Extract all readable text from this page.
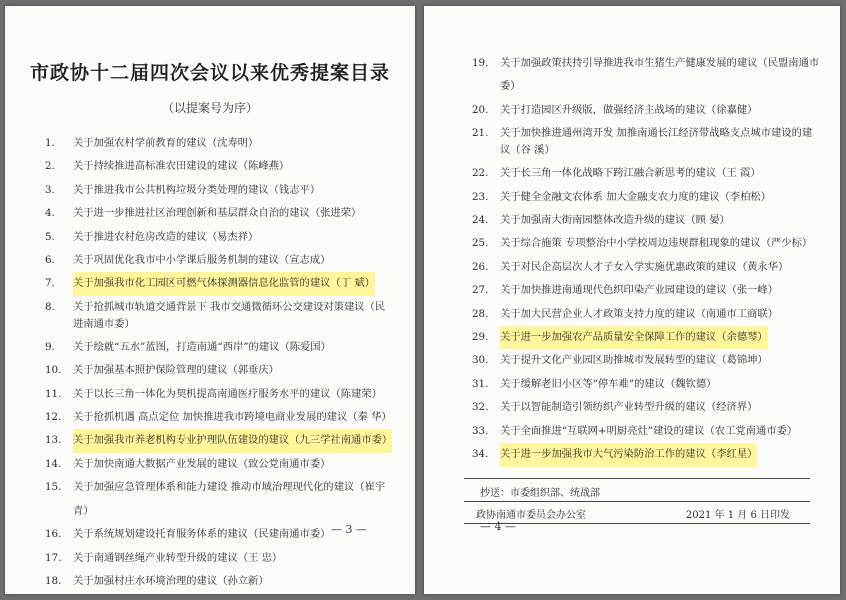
市政协十二届四次会议以来优秀提案目录
（以提案号为序）
1.	关于加强农村学前教育的建议（沈寿明）
2.	关于持续推进高标准农田建设的建议（陈峰燕）
3.	关于推进我市公共机构垃圾分类处理的建议（钱志平）
4.	关于进一步推进社区治理创新和基层群众自治的建议（张进荣）
5.	关于推进农村危房改造的建议（易杰祥）
6.	关于巩固优化我市中小学课后服务机制的建议（宣志成）
7.	关于加强我市化工园区可燃气体探测器信息化监管的建议（丁 斌）
8.	关于抢抓城市轨道交通背景下 我市交通微循环公交建设对策建议（民进南通市委）
9.	关于绘就“五水”蓝图，打造南通“西岸”的建议（陈爱国）
10.	关于加强基本照护保险管理的建议（郭垂庆）
11.	关于以长三角一体化为契机提高南通医疗服务水平的建议（陈建荣）
12.	关于抢抓机遇 高点定位 加快推进我市跨境电商业发展的建议（秦 华）
13.	关于加强我市养老机构专业护理队伍建设的建议（九三学社南通市委）
14.	关于加快南通大数据产业发展的建议（致公党南通市委）
15.	关于加强应急管理体系和能力建设 推动市域治理现代化的建议（崔宇青）
16.	关于系统规划建设托育服务体系的建议（民建南通市委）
17.	关于南通钢丝绳产业转型升级的建议（王 忠）
18.	关于加强村庄水环境治理的建议（孙立新）
— 3 —
19.	关于加强政策扶持引导推进我市生猪生产健康发展的建议（民盟南通市委）
20.	关于打造园区升级版，做强经济主战场的建议（徐嘉健）
21.	关于加快推进通州湾开发 加推南通长江经济带战略支点城市建设的建议（谷 溪）
22.	关于长三角一体化战略下跨江融合新思考的建议（王 霞）
23.	关于健全金融文农体系 加大金融支农力度的建议（李柏松）
24.	关于加强南大街南园整体改造升级的建议（顾 晏）
25.	关于综合施策 专项整治中小学校周边违规群租现象的建议（严少标）
26.	关于对民企高层次人才子女入学实施优惠政策的建议（黄永华）
27.	关于加快推进南通现代色织印染产业园建设的建议（张一峰）
28.	关于加大民营企业人才政策支持力度的建议（南通市工商联）
29.	关于进一步加强农产品质量安全保障工作的建议（余德琴）
30.	关于提升文化产业园区助推城市发展转型的建议（葛锦坤）
31.	关于缓解老旧小区等“停车难”的建议（魏钦德）
32.	关于以智能制造引领纺织产业转型升级的建议（经济界）
33.	关于全面推进“互联网+明厨亮灶”建设的建议（农工党南通市委）
34.	关于进一步加强我市大气污染防治工作的建议（李红星）
抄送：市委组织部、统战部
政协南通市委员会办公室	2021 年 1 月 6 日印发
— 4 —
